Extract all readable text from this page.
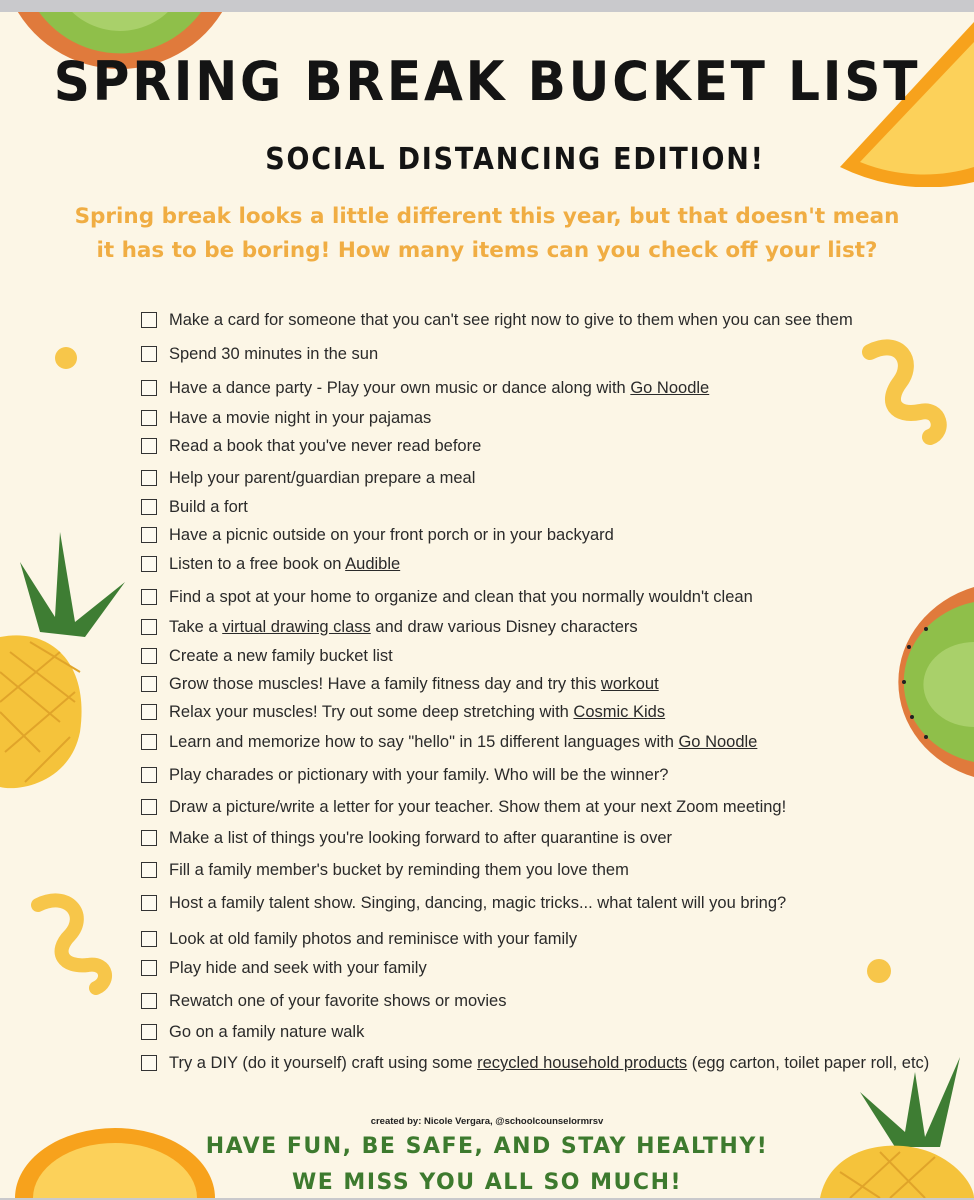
SPRING BREAK BUCKET LIST
SOCIAL DISTANCING EDITION!

Spring break looks a little different this year, but that doesn't mean
it has to be boring! How many items can you check off your list?

Make a card for someone that you can't see right now to give to them when you can see them
Spend 30 minutes in the sun
Have a dance party - Play your own music or dance along with Go Noodle
Have a movie night in your pajamas
Read a book that you've never read before
Help your parent/guardian prepare a meal
Build a fort
Have a picnic outside on your front porch or in your backyard
Listen to a free book on Audible
Find a spot at your home to organize and clean that you normally wouldn't clean
Take a virtual drawing class and draw various Disney characters
Create a new family bucket list
Grow those muscles! Have a family fitness day and try this workout
Relax your muscles! Try out some deep stretching with Cosmic Kids
Learn and memorize how to say "hello" in 15 different languages with Go Noodle
Play charades or pictionary with your family. Who will be the winner?
Draw a picture/write a letter for your teacher. Show them at your next Zoom meeting!
Make a list of things you're looking forward to after quarantine is over
Fill a family member's bucket by reminding them you love them
Host a family talent show. Singing, dancing, magic tricks... what talent will you bring?
Look at old family photos and reminisce with your family
Play hide and seek with your family
Rewatch one of your favorite shows or movies
Go on a family nature walk
Try a DIY (do it yourself) craft using some recycled household products (egg carton, toilet paper roll, etc)
created by: Nicole Vergara, @schoolcounselormrsv
HAVE FUN, BE SAFE, AND STAY HEALTHY!
WE MISS YOU ALL SO MUCH!
